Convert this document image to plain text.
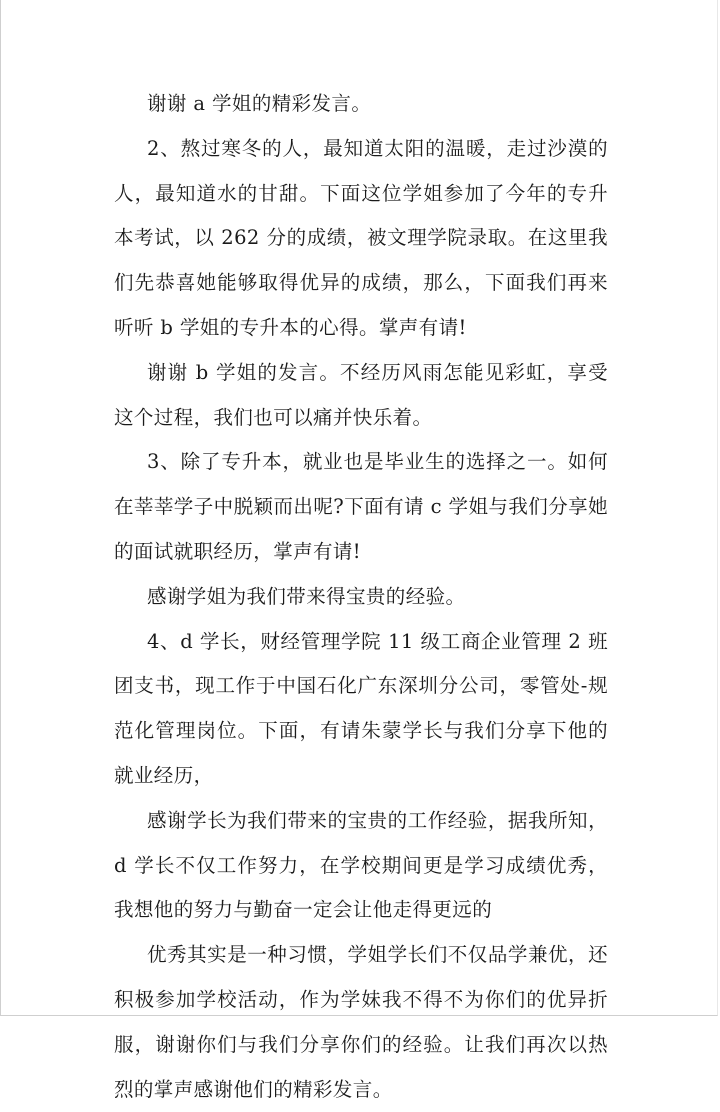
谢谢 a 学姐的精彩发言。

2、熬过寒冬的人，最知道太阳的温暖，走过沙漠的人，最知道水的甘甜。下面这位学姐参加了今年的专升本考试，以 262 分的成绩，被文理学院录取。在这里我们先恭喜她能够取得优异的成绩，那么，下面我们再来听听 b 学姐的专升本的心得。掌声有请!

谢谢 b 学姐的发言。不经历风雨怎能见彩虹，享受这个过程，我们也可以痛并快乐着。

3、除了专升本，就业也是毕业生的选择之一。如何在莘莘学子中脱颖而出呢?下面有请 c 学姐与我们分享她的面试就职经历，掌声有请!

感谢学姐为我们带来得宝贵的经验。

4、d 学长，财经管理学院 11 级工商企业管理 2 班团支书，现工作于中国石化广东深圳分公司，零管处-规范化管理岗位。下面，有请朱蒙学长与我们分享下他的就业经历，

感谢学长为我们带来的宝贵的工作经验，据我所知，d 学长不仅工作努力，在学校期间更是学习成绩优秀，我想他的努力与勤奋一定会让他走得更远的

优秀其实是一种习惯，学姐学长们不仅品学兼优，还积极参加学校活动，作为学妹我不得不为你们的优异折服，谢谢你们与我们分享你们的经验。让我们再次以热烈的掌声感谢他们的精彩发言。
